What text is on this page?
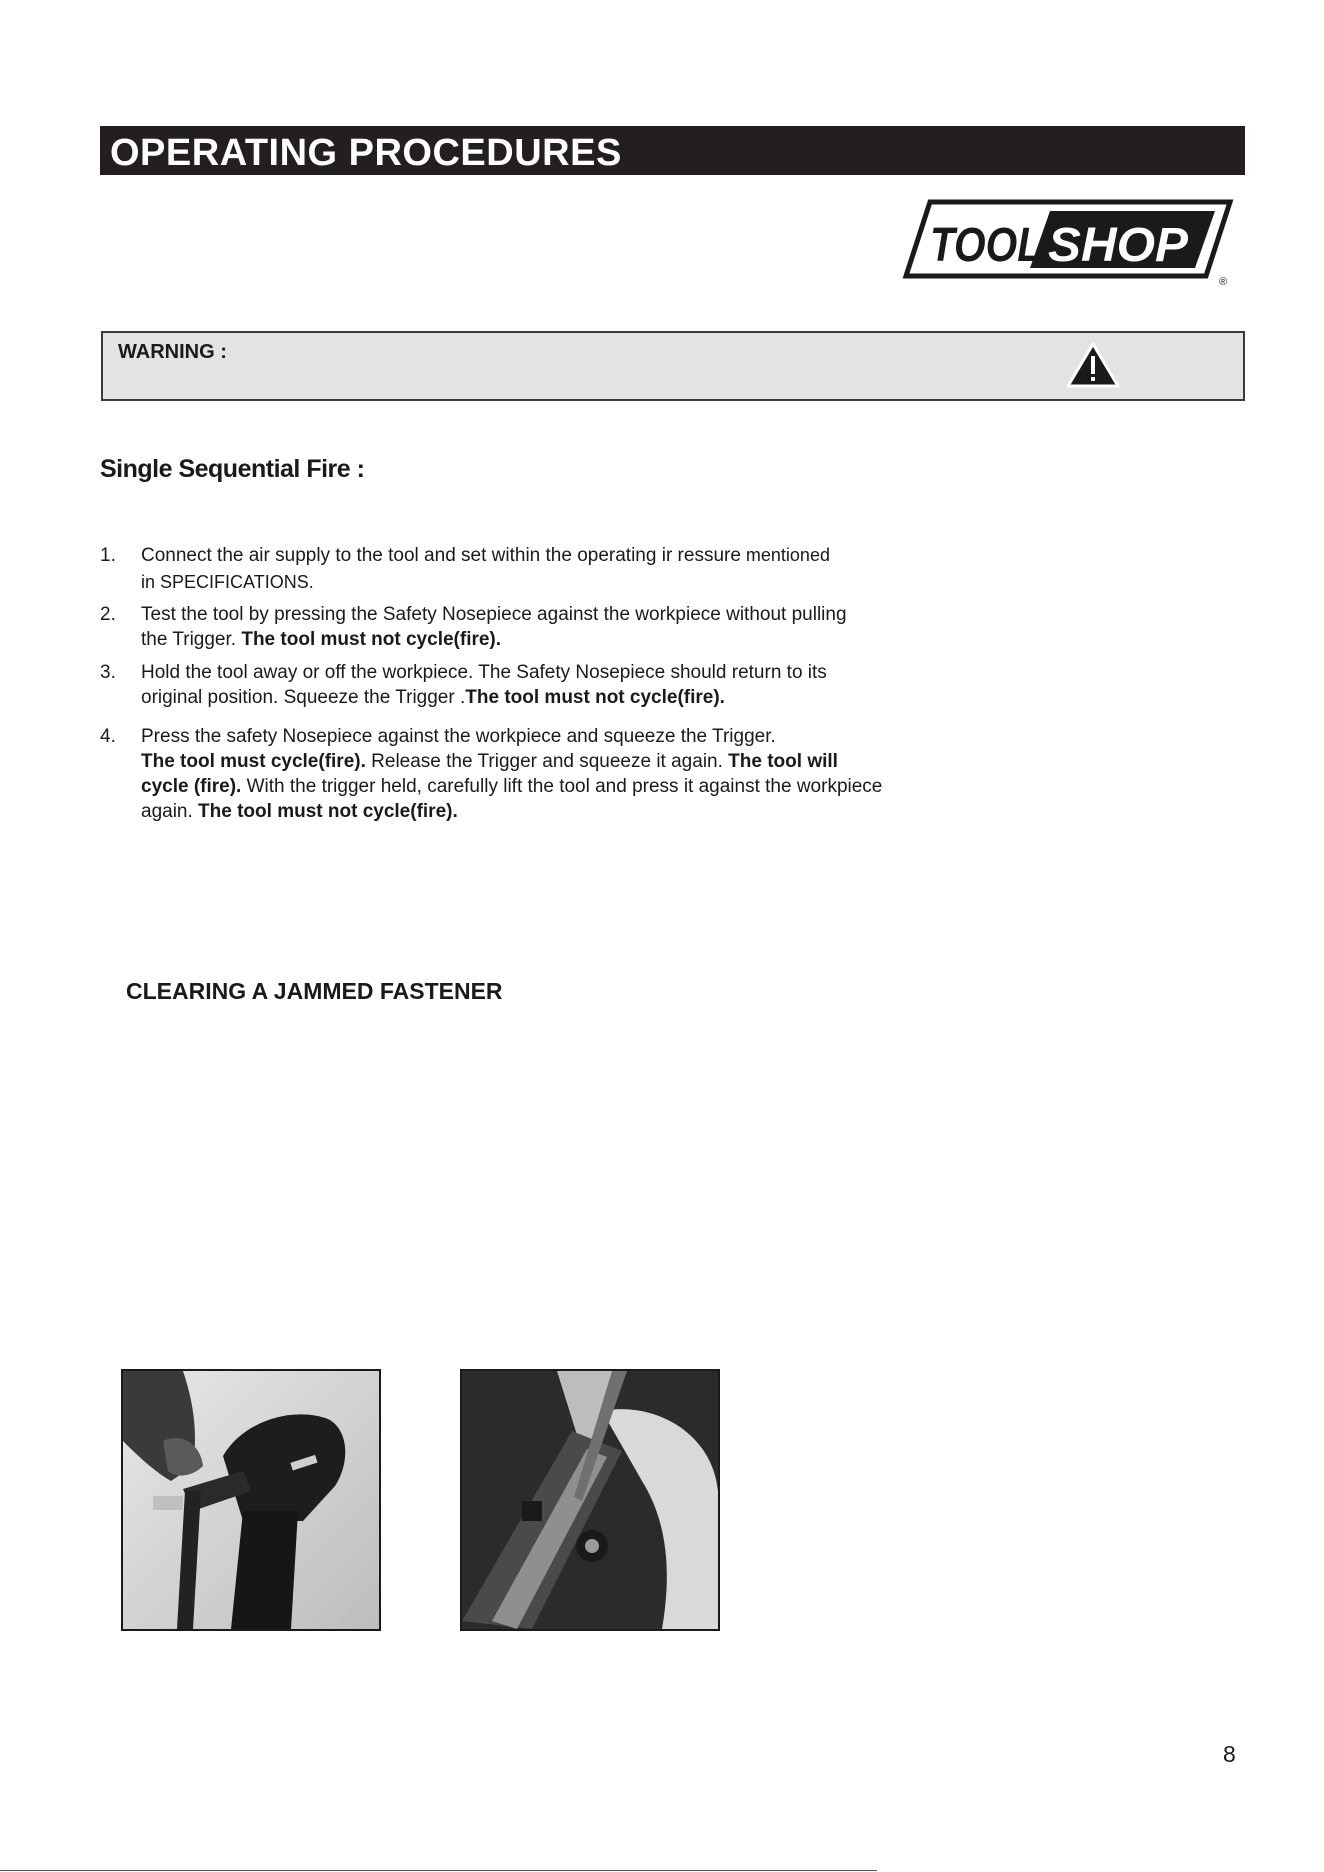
OPERATING PROCEDURES
TOOL SHOP
®
WARNING :
Single Sequential Fire :
1. Connect the air supply to the tool and set within the operating ir ressure mentioned
in SPECIFICATIONS.
2. Test the tool by pressing the Safety Nosepiece against the workpiece without pulling
the Trigger. The tool must not cycle(fire).
3. Hold the tool away or off the workpiece. The Safety Nosepiece should return to its
original position. Squeeze the Trigger .The tool must not cycle(fire).
4. Press the safety Nosepiece against the workpiece and squeeze the Trigger.
The tool must cycle(fire). Release the Trigger and squeeze it again. The tool will
cycle (fire). With the trigger held, carefully lift the tool and press it against the workpiece
again. The tool must not cycle(fire).
CLEARING A JAMMED FASTENER
8
